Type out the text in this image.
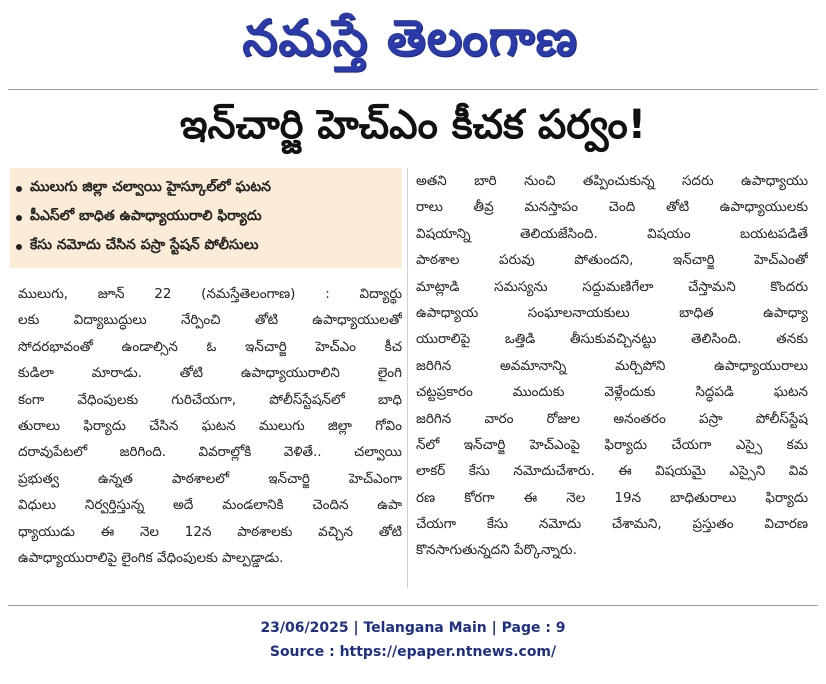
నమస్తే తెలంగాణ
ఇన్‌చార్జి హెచ్‌ఎం కీచక పర్వం!
ములుగు జిల్లా చల్వాయి హైస్కూల్‌లో ఘటన
పీఎస్‌లో బాధిత ఉపాధ్యాయురాలి ఫిర్యాదు
కేసు నమోదు చేసిన పస్రా స్టేషన్ పోలీసులు
ములుగు, జూన్ 22 (నమస్తేతెలంగాణ) : విద్యార్థు
లకు విద్యాబుద్ధులు నేర్పించి తోటి ఉపాధ్యాయులతో
సోదరభావంతో ఉండాల్సిన ఓ ఇన్‌చార్జి హెచ్‌ఎం కీచ
కుడిలా మారాడు. తోటి ఉపాధ్యాయురాలిని లైంగి
కంగా వేధింపులకు గురిచేయగా, పోలీస్‌స్టేషన్‌లో బాధి
తురాలు ఫిర్యాదు చేసిన ఘటన ములుగు జిల్లా గోవిం
దరావుపేటలో జరిగింది. వివరాల్లోకి వెళితే.. చల్వాయి
ప్రభుత్వ ఉన్నత పాఠశాలలో ఇన్‌చార్జి హెచ్‌ఎంగా
విధులు నిర్వర్తిస్తున్న అదే మండలానికి చెందిన ఉపా
ధ్యాయుడు ఈ నెల 12న పాఠశాలకు వచ్చిన తోటి
ఉపాధ్యాయురాలిపై లైంగిక వేధింపులకు పాల్పడ్డాడు.
అతని బారి నుంచి తప్పించుకున్న సదరు ఉపాధ్యాయు
రాలు తీవ్ర మనస్తాపం చెంది తోటి ఉపాధ్యాయులకు
విషయాన్ని తెలియజేసింది. విషయం బయటపడితే
పాఠశాల పరువు పోతుందని, ఇన్‌చార్జి హెచ్‌ఎంతో
మాట్లాడి సమస్యను సద్దుమణిగేలా చేస్తామని కొందరు
ఉపాధ్యాయ సంఘాలనాయకులు బాధిత ఉపాధ్యా
యురాలిపై ఒత్తిడి తీసుకువచ్చినట్టు తెలిసింది. తనకు
జరిగిన అవమానాన్ని మర్చిపోని ఉపాధ్యాయురాలు
చట్టప్రకారం ముందుకు వెళ్లేందుకు సిద్ధపడి ఘటన
జరిగిన వారం రోజుల అనంతరం పస్రా పోలీస్‌స్టేష
న్‌లో ఇన్‌చార్జి హెచ్‌ఎంపై ఫిర్యాదు చేయగా ఎస్సై కమ
లాకర్ కేసు నమోదుచేశారు. ఈ విషయమై ఎస్సైని వివ
రణ కోరగా ఈ నెల 19న బాధితురాలు ఫిర్యాదు
చేయగా కేసు నమోదు చేశామని, ప్రస్తుతం విచారణ
కొనసాగుతున్నదని పేర్కొన్నారు.
23/06/2025 | Telangana Main | Page : 9
Source : https://epaper.ntnews.com/
